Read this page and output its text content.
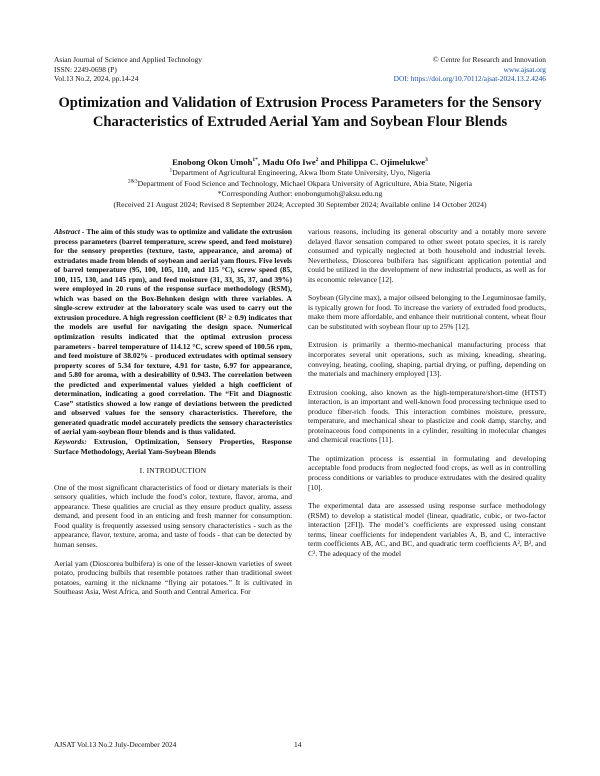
Asian Journal of Science and Applied Technology
ISSN: 2249-0698 (P)
Vol.13 No.2, 2024, pp.14-24
© Centre for Research and Innovation
www.ajsat.org
DOI: https://doi.org/10.70112/ajsat-2024.13.2.4246
Optimization and Validation of Extrusion Process Parameters for the Sensory Characteristics of Extruded Aerial Yam and Soybean Flour Blends
Enobong Okon Umoh$^{1*}$, Madu Ofo Iwe$^2$ and Philippa C. Ojimelukwe$^3$
$^1$Department of Agricultural Engineering, Akwa Ibom State University, Uyo, Nigeria
$^{2\&3}$Department of Food Science and Technology, Michael Okpara University of Agriculture, Abia State, Nigeria
*Corresponding Author: enobongumoh@aksu.edu.ng
(Received 21 August 2024; Revised 8 September 2024; Accepted 30 September 2024; Available online 14 October 2024)
Abstract - The aim of this study was to optimize and validate the extrusion process parameters (barrel temperature, screw speed, and feed moisture) for the sensory properties (texture, taste, appearance, and aroma) of extrudates made from blends of soybean and aerial yam flours. Five levels of barrel temperature (95, 100, 105, 110, and 115 °C), screw speed (85, 100, 115, 130, and 145 rpm), and feed moisture (31, 33, 35, 37, and 39%) were employed in 20 runs of the response surface methodology (RSM), which was based on the Box-Behnken design with three variables. A single-screw extruder at the laboratory scale was used to carry out the extrusion procedure. A high regression coefficient (R² ≥ 0.9) indicates that the models are useful for navigating the design space. Numerical optimization results indicated that the optimal extrusion process parameters - barrel temperature of 114.12 °C, screw speed of 100.56 rpm, and feed moisture of 38.02% - produced extrudates with optimal sensory property scores of 5.34 for texture, 4.91 for taste, 6.97 for appearance, and 5.80 for aroma, with a desirability of 0.943. The correlation between the predicted and experimental values yielded a high coefficient of determination, indicating a good correlation. The “Fit and Diagnostic Case” statistics showed a low range of deviations between the predicted and observed values for the sensory characteristics. Therefore, the generated quadratic model accurately predicts the sensory characteristics of aerial yam-soybean flour blends and is thus validated.
Keywords: Extrusion, Optimization, Sensory Properties, Response Surface Methodology, Aerial Yam-Soybean Blends
I. INTRODUCTION

One of the most significant characteristics of food or dietary materials is their sensory qualities, which include the food’s color, texture, flavor, aroma, and appearance. These qualities are crucial as they ensure product quality, assess demand, and present food in an enticing and fresh manner for consumption. Food quality is frequently assessed using sensory characteristics - such as the appearance, flavor, texture, aroma, and taste of foods - that can be detected by human senses.

Aerial yam (Dioscorea bulbifera) is one of the lesser-known varieties of sweet potato, producing bulbils that resemble potatoes rather than traditional sweet potatoes, earning it the nickname “flying air potatoes.” It is cultivated in Southeast Asia, West Africa, and South and Central America. For

various reasons, including its general obscurity and a notably more severe delayed flavor sensation compared to other sweet potato species, it is rarely consumed and typically neglected at both household and industrial levels. Nevertheless, Dioscorea bulbifera has significant application potential and could be utilized in the development of new industrial products, as well as for its economic relevance [12].

Soybean (Glycine max), a major oilseed belonging to the Leguminosae family, is typically grown for food. To increase the variety of extruded food products, make them more affordable, and enhance their nutritional content, wheat flour can be substituted with soybean flour up to 25% [12].

Extrusion is primarily a thermo-mechanical manufacturing process that incorporates several unit operations, such as mixing, kneading, shearing, conveying, heating, cooling, shaping, partial drying, or puffing, depending on the materials and machinery employed [13].

Extrusion cooking, also known as the high-temperature/short-time (HTST) interaction, is an important and well-known food processing technique used to produce fiber-rich foods. This interaction combines moisture, pressure, temperature, and mechanical shear to plasticize and cook damp, starchy, and proteinaceous food components in a cylinder, resulting in molecular changes and chemical reactions [11].

The optimization process is essential in formulating and developing acceptable food products from neglected food crops, as well as in controlling process conditions or variables to produce extrudates with the desired quality [10].

The experimental data are assessed using response surface methodology (RSM) to develop a statistical model (linear, quadratic, cubic, or two-factor interaction [2FI]). The model’s coefficients are expressed using constant terms, linear coefficients for independent variables A, B, and C, interactive term coefficients AB, AC, and BC, and quadratic term coefficients A², B², and C². The adequacy of the model

AJSAT Vol.13 No.2 July-December 2024	14
